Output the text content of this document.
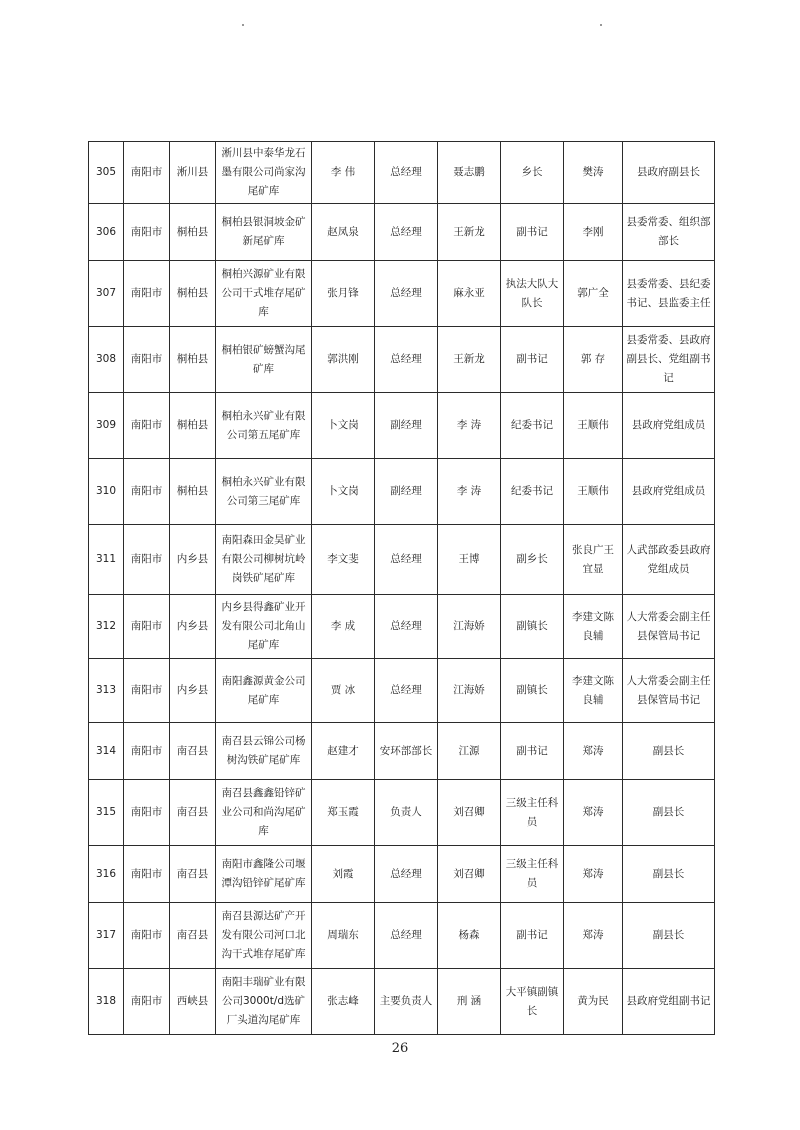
305	南阳市	淅川县	淅川县中泰华龙石墨有限公司尚家沟尾矿库	李 伟	总经理	聂志鹏	乡长	樊涛	县政府副县长
306	南阳市	桐柏县	桐柏县银洞坡金矿新尾矿库	赵凤泉	总经理	王新龙	副书记	李刚	县委常委、组织部部长
307	南阳市	桐柏县	桐柏兴源矿业有限公司干式堆存尾矿库	张月锋	总经理	麻永亚	执法大队大队长	郭广全	县委常委、县纪委书记、县监委主任
308	南阳市	桐柏县	桐柏银矿螃蟹沟尾矿库	郭洪刚	总经理	王新龙	副书记	郭 存	县委常委、县政府副县长、党组副书记
309	南阳市	桐柏县	桐柏永兴矿业有限公司第五尾矿库	卜文岗	副经理	李 涛	纪委书记	王顺伟	县政府党组成员
310	南阳市	桐柏县	桐柏永兴矿业有限公司第三尾矿库	卜文岗	副经理	李 涛	纪委书记	王顺伟	县政府党组成员
311	南阳市	内乡县	南阳森田金昊矿业有限公司柳树坑岭岗铁矿尾矿库	李文斐	总经理	王博	副乡长	张良广王宜显	人武部政委县政府党组成员
312	南阳市	内乡县	内乡县得鑫矿业开发有限公司北角山尾矿库	李 成	总经理	江海娇	副镇长	李建文陈良辅	人大常委会副主任县保管局书记
313	南阳市	内乡县	南阳鑫源黄金公司尾矿库	贾 冰	总经理	江海娇	副镇长	李建文陈良辅	人大常委会副主任县保管局书记
314	南阳市	南召县	南召县云锦公司杨树沟铁矿尾矿库	赵建才	安环部部长	江源	副书记	郑涛	副县长
315	南阳市	南召县	南召县鑫鑫铅锌矿业公司和尚沟尾矿库	郑玉霞	负责人	刘召卿	三级主任科员	郑涛	副县长
316	南阳市	南召县	南阳市鑫隆公司堰潭沟铅锌矿尾矿库	刘霞	总经理	刘召卿	三级主任科员	郑涛	副县长
317	南阳市	南召县	南召县源达矿产开发有限公司河口北沟干式堆存尾矿库	周瑞东	总经理	杨森	副书记	郑涛	副县长
318	南阳市	西峡县	南阳丰瑞矿业有限公司3000t/d选矿厂头道沟尾矿库	张志峰	主要负责人	刑 涵	大平镇副镇长	黄为民	县政府党组副书记
26
